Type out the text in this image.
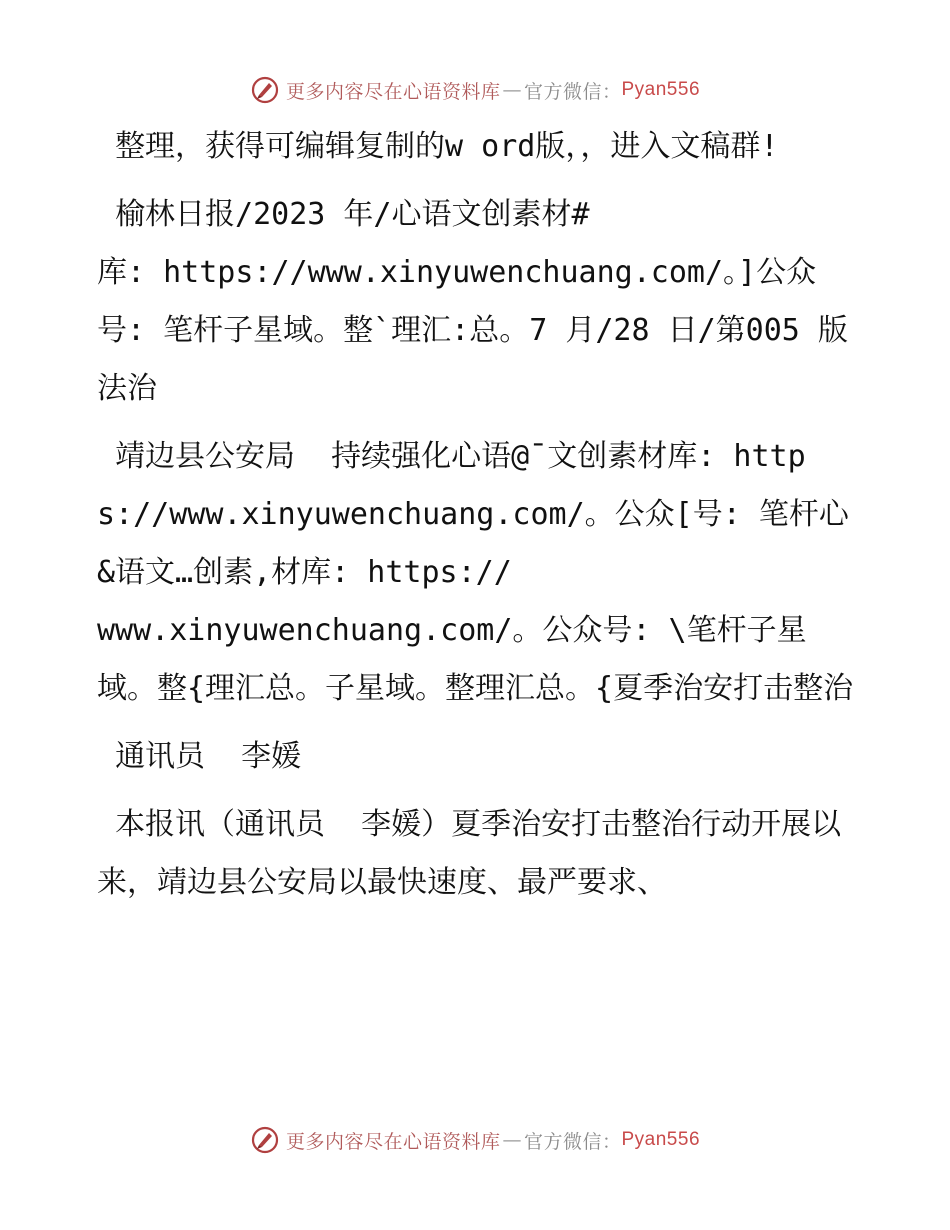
更多内容尽在心语资料库 — 官方微信： Pyan556

整理，获得可编辑复制的w ord版，，进入文稿群!

榆林日报/2023 年/心语文创素材#
库: https://www.xinyuwenchuang.com/。]公众号: 笔杆子星域。整`理汇:总。7 月/28 日/第005 版法治

靖边县公安局  持续强化心语@¯文创素材库: https://www.xinyuwenchuang.com/。公众[号: 笔杆心&语文…创素,材库: https://
www.xinyuwenchuang.com/。公众号: \笔杆子星域。整{理汇总。子星域。整理汇总。{夏季治安打击整治

通讯员  李媛

本报讯（通讯员  李媛）夏季治安打击整治行动开展以来，靖边县公安局以最快速度、最严要求、

更多内容尽在心语资料库 — 官方微信： Pyan556
